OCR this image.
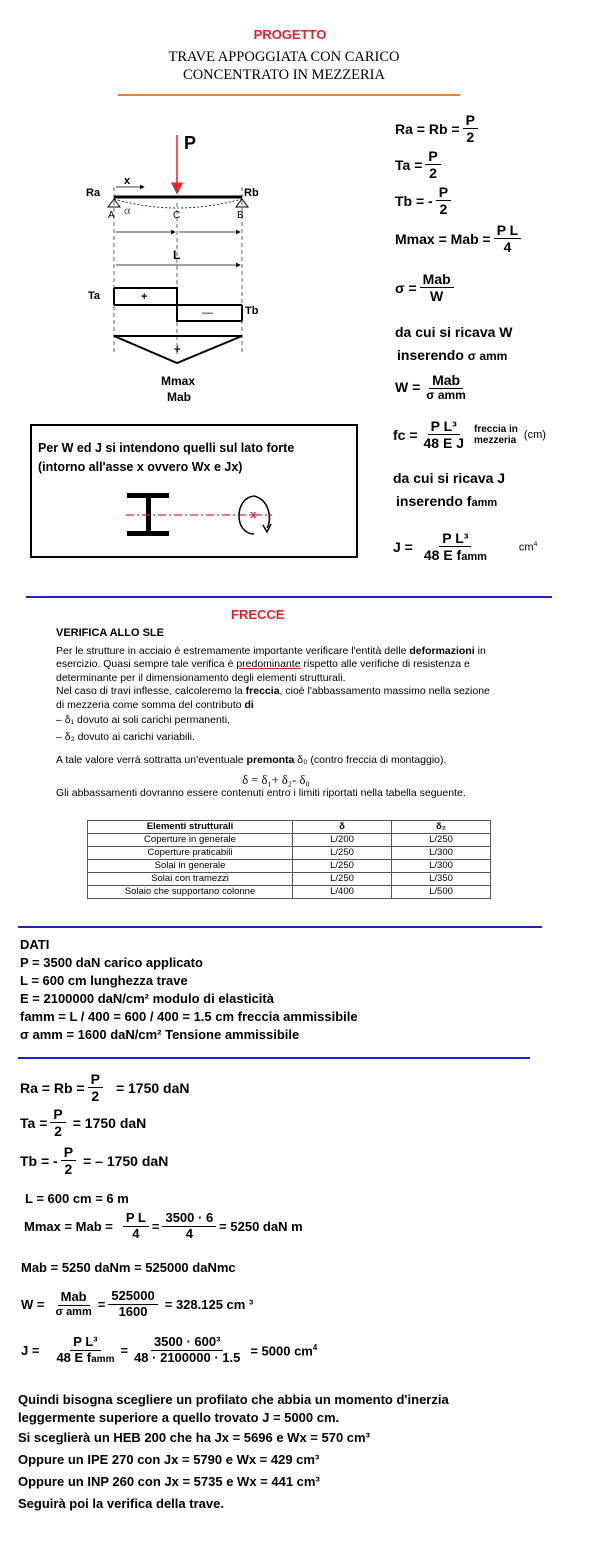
PROGETTO
TRAVE APPOGGIATA CON CARICO
CONCENTRATO IN MEZZERIA
P
Ra	Rb
x
α
A	C	B
L
Ta	+
—	Tb
+
Mmax
Mab
Per W ed J si intendono quelli sul lato forte
(intorno all'asse x ovvero Wx e Jx)
x
$Ra = Rb = \frac{P}{2}$
$Ta = \frac{P}{2}$
Tb = - $\frac{P}{2}$
Mmax = Mab = $\frac{\text{P L}}{4}$
$\sigma = \frac{\text{Mab}}{W}$
da cui si ricava W
inserendo σ amm
$W = \frac{\text{Mab}}{\text{σ amm}}$
fc = $\frac{\text{P L³}}{\text{48 E J}}$ freccia in
mezzeria (cm)
da cui si ricava J
inserendo famm
$J = \frac{\text{P L³}}{\text{48 E famm}}$	$cm^4$
FRECCE

VERIFICA ALLO SLE

Per le strutture in acciaio è estremamente importante verificare l'entità delle deformazioni in esercizio. Quasi sempre tale verifica è predominante rispetto alle verifiche di resistenza e determinante per il dimensionamento degli elementi strutturali.

Nel caso di travi inflesse, calcoleremo la freccia, cioè l'abbassamento massimo nella sezione di mezzeria come somma del contributo di

– δ₁ dovuto ai soli carichi permanenti,

– δ₂ dovuto ai carichi variabili.

A tale valore verrà sottratta un'eventuale premonta δ₀ (contro freccia di montaggio).

δ = δ₁+ δ₂- δ₀

Gli abbassamenti dovranno essere contenuti entro i limiti riportati nella tabella seguente.

Elementi strutturali	δ	δ₂
Coperture in generale	L/200	L/250
Coperture praticabili	L/250	L/300
Solai in generale	L/250	L/300
Solai con tramezzi	L/250	L/350
Solaio che supportano colonne	L/400	L/500
DATI
P = 3500 daN carico applicato
L = 600 cm lunghezza trave
E = 2100000 daN/cm² modulo di elasticità
famm = L / 400 = 600 / 400 = 1.5 cm freccia ammissibile
σ amm = 1600 daN/cm² Tensione ammissibile
$Ra = Rb = \frac{P}{2} = 1750$ daN
$Ta = \frac{P}{2} = 1750$ daN
Tb = - $\frac{P}{2}$ = – 1750 daN
L = 600 cm = 6 m
Mmax = Mab = $\frac{\text{P L}}{4} = \frac{3500 \cdot 6}{4} = 5250$ daN m
Mab = 5250 daNm = 525000 daNmc
$W = \frac{\text{Mab}}{\text{σ amm}} = \frac{525000}{1600} = 328.125$ cm ³
$J = \frac{\text{P L³}}{\text{48 E famm}} = \frac{\text{3500 · 600³}}{48 \cdot 2100000 \cdot 1.5} = 5000$ $cm^4$
Quindi bisogna scegliere un profilato che abbia un momento d'inerzia
leggermente superiore a quello trovato J = 5000 cm.
Si sceglierà un HEB 200 che ha Jx = 5696 e Wx = 570 cm³
Oppure un IPE 270 con Jx = 5790 e Wx = 429 cm³
Oppure un INP 260 con Jx = 5735 e Wx = 441 cm³
Seguirà poi la verifica della trave.
